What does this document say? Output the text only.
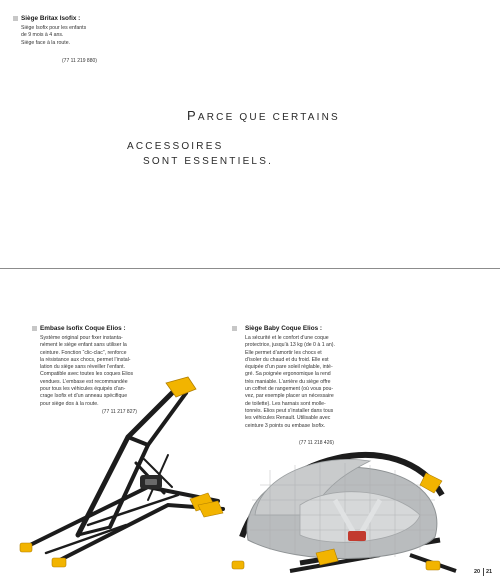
Siège Britax Isofix :
Siège Isofix pour les enfants
de 9 mois à 4 ans.
Siège face à la route.
(77 11 219 880)
PARCE QUE CERTAINS
ACCESSOIRES
SONT ESSENTIELS.
Embase Isofix Coque Elios :
Système original pour fixer instanta-
nément le siège enfant sans utiliser la
ceinture. Fonction “clic-clac”, renforce
la résistance aux chocs, permet l’instal-
lation du siège sans réveiller l’enfant.
Compatible avec toutes les coques Elios
vendues. L’embase est recommandée
pour tous les véhicules équipés d’an-
crage Isofix et d’un anneau spécifique
pour siège dos à la route.
(77 11 217 827)
Siège Baby Coque Elios :
La sécurité et le confort d’une coque
protectrice, jusqu’à 13 kg (de 0 à 1 an).
Elle permet d’amortir les chocs et
d’isoler du chaud et du froid. Elle est
équipée d’un pare soleil réglable, inté-
gré. Sa poignée ergonomique la rend
très maniable. L’arrière du siège offre
un coffret de rangement (où vous pou-
vez, par exemple placer un nécessaire
de toilette). Les harnais sont molle-
tonnés. Elios peut s’installer dans tous
les véhicules Renault. Utilisable avec
ceinture 3 points ou embase Isofix.
(77 11 218 426)
20 21
